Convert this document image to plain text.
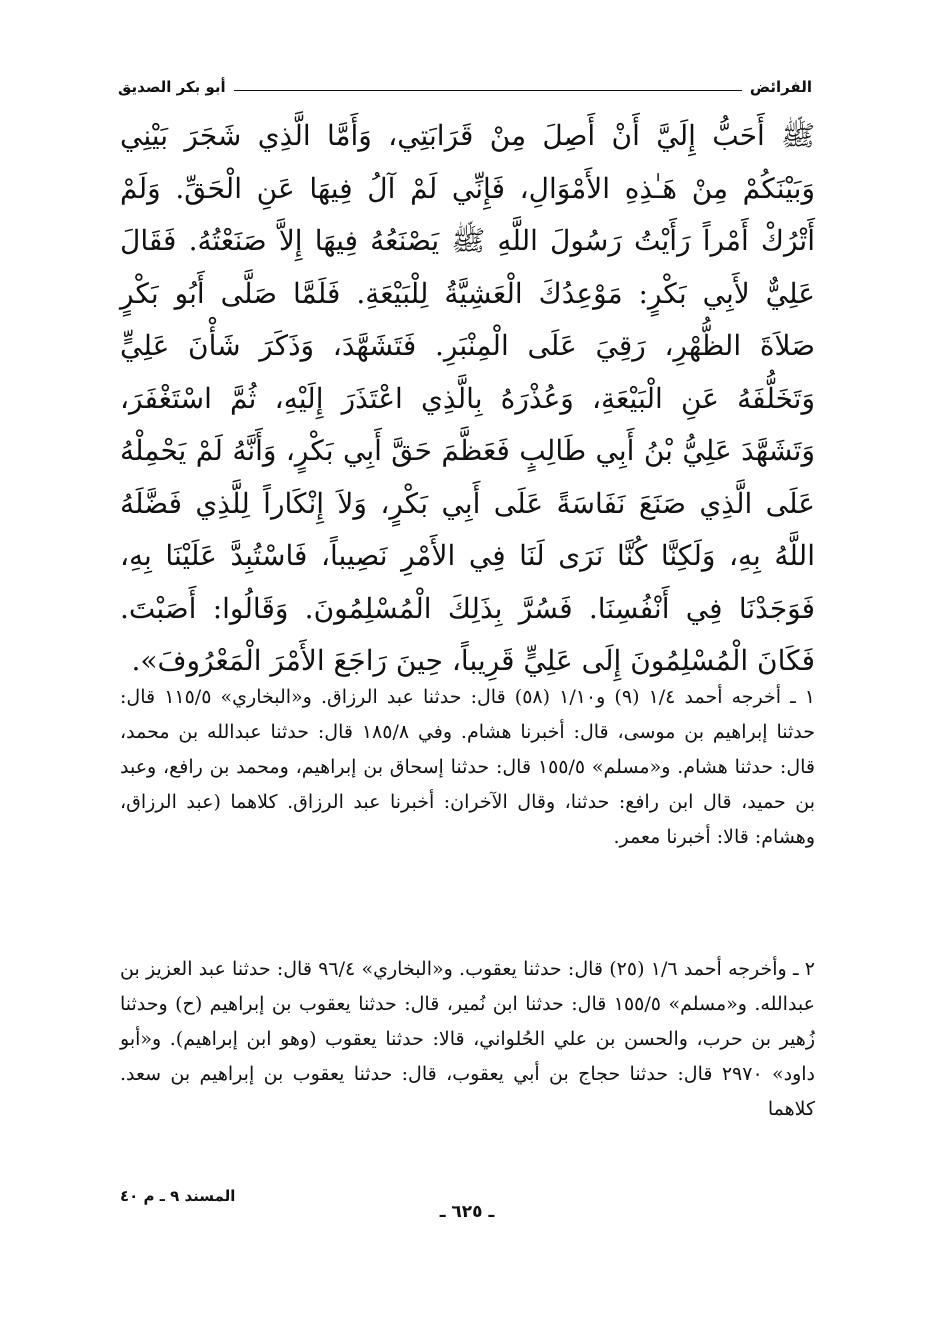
الفرائض
أبو بكر الصديق

ﷺ أَحَبُّ إِلَيَّ أَنْ أَصِلَ مِنْ قَرَابَتِي، وَأَمَّا الَّذِي شَجَرَ بَيْنِي وَبَيْنَكُمْ مِنْ هَـٰذِهِ الأَمْوَالِ، فَإِنِّي لَمْ آلُ فِيهَا عَنِ الْحَقِّ. وَلَمْ أَتْرُكْ أَمْراً رَأَيْتُ رَسُولَ اللَّهِ ﷺ يَصْنَعُهُ فِيهَا إِلاَّ صَنَعْتُهُ. فَقَالَ عَلِيٌّ لأَبِي بَكْرٍ: مَوْعِدُكَ الْعَشِيَّةُ لِلْبَيْعَةِ. فَلَمَّا صَلَّى أَبُو بَكْرٍ صَلاَةَ الظُّهْرِ، رَقِيَ عَلَى الْمِنْبَرِ. فَتَشَهَّدَ، وَذَكَرَ شَأْنَ عَلِيٍّ وَتَخَلُّفَهُ عَنِ الْبَيْعَةِ، وَعُذْرَهُ بِالَّذِي اعْتَذَرَ إِلَيْهِ، ثُمَّ اسْتَغْفَرَ، وَتَشَهَّدَ عَلِيُّ بْنُ أَبِي طَالِبٍ فَعَظَّمَ حَقَّ أَبِي بَكْرٍ، وَأَنَّهُ لَمْ يَحْمِلْهُ عَلَى الَّذِي صَنَعَ نَفَاسَةً عَلَى أَبِي بَكْرٍ، وَلاَ إِنْكَاراً لِلَّذِي فَضَّلَهُ اللَّهُ بِهِ، وَلَكِنَّا كُنَّا نَرَى لَنَا فِي الأَمْرِ نَصِيباً، فَاسْتُبِدَّ عَلَيْنَا بِهِ، فَوَجَدْنَا فِي أَنْفُسِنَا. فَسُرَّ بِذَلِكَ الْمُسْلِمُونَ. وَقَالُوا: أَصَبْتَ. فَكَانَ الْمُسْلِمُونَ إِلَى عَلِيٍّ قَرِيباً، حِينَ رَاجَعَ الأَمْرَ الْمَعْرُوفَ».

١ ـ أخرجه أحمد ١/٤ (٩) و١/١٠ (٥٨) قال: حدثنا عبد الرزاق. و«البخاري» ١١٥/٥ قال: حدثنا إبراهيم بن موسى، قال: أخبرنا هشام. وفي ١٨٥/٨ قال: حدثنا عبدالله بن محمد، قال: حدثنا هشام. و«مسلم» ١٥٥/٥ قال: حدثنا إسحاق بن إبراهيم، ومحمد بن رافع، وعبد بن حميد، قال ابن رافع: حدثنا، وقال الآخران: أخبرنا عبد الرزاق. كلاهما (عبد الرزاق، وهشام: قالا: أخبرنا معمر.

٢ ـ وأخرجه أحمد ١/٦ (٢٥) قال: حدثنا يعقوب. و«البخاري» ٩٦/٤ قال: حدثنا عبد العزيز بن عبدالله. و«مسلم» ١٥٥/٥ قال: حدثنا ابن نُمير، قال: حدثنا يعقوب بن إبراهيم (ح) وحدثنا زُهير بن حرب، والحسن بن علي الحُلواني، قالا: حدثنا يعقوب (وهو ابن إبراهيم). و«أبو داود» ٢٩٧٠ قال: حدثنا حجاج بن أبي يعقوب، قال: حدثنا يعقوب بن إبراهيم بن سعد. كلاهما

المسند ٩ ـ م ٤٠
ـ ٦٢٥ ـ
